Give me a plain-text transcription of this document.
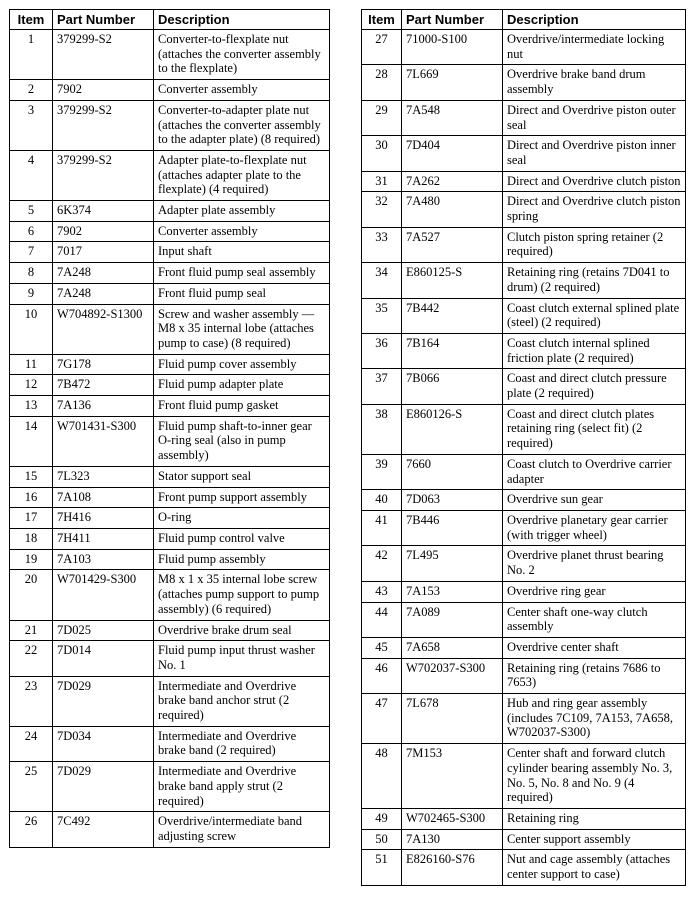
Item	Part Number	Description
1	379299-S2	Converter-to-flexplate nut (attaches the converter assembly to the flexplate)
2	7902	Converter assembly
3	379299-S2	Converter-to-adapter plate nut (attaches the converter assembly to the adapter plate) (8 required)
4	379299-S2	Adapter plate-to-flexplate nut (attaches adapter plate to the flexplate) (4 required)
5	6K374	Adapter plate assembly
6	7902	Converter assembly
7	7017	Input shaft
8	7A248	Front fluid pump seal assembly
9	7A248	Front fluid pump seal
10	W704892-S1300	Screw and washer assembly — M8 x 35 internal lobe (attaches pump to case) (8 required)
11	7G178	Fluid pump cover assembly
12	7B472	Fluid pump adapter plate
13	7A136	Front fluid pump gasket
14	W701431-S300	Fluid pump shaft-to-inner gear O-ring seal (also in pump assembly)
15	7L323	Stator support seal
16	7A108	Front pump support assembly
17	7H416	O-ring
18	7H411	Fluid pump control valve
19	7A103	Fluid pump assembly
20	W701429-S300	M8 x 1 x 35 internal lobe screw (attaches pump support to pump assembly) (6 required)
21	7D025	Overdrive brake drum seal
22	7D014	Fluid pump input thrust washer No. 1
23	7D029	Intermediate and Overdrive brake band anchor strut (2 required)
24	7D034	Intermediate and Overdrive brake band (2 required)
25	7D029	Intermediate and Overdrive brake band apply strut (2 required)
26	7C492	Overdrive/intermediate band adjusting screw
Item	Part Number	Description
27	71000-S100	Overdrive/intermediate locking nut
28	7L669	Overdrive brake band drum assembly
29	7A548	Direct and Overdrive piston outer seal
30	7D404	Direct and Overdrive piston inner seal
31	7A262	Direct and Overdrive clutch piston
32	7A480	Direct and Overdrive clutch piston spring
33	7A527	Clutch piston spring retainer (2 required)
34	E860125-S	Retaining ring (retains 7D041 to drum) (2 required)
35	7B442	Coast clutch external splined plate (steel) (2 required)
36	7B164	Coast clutch internal splined friction plate (2 required)
37	7B066	Coast and direct clutch pressure plate (2 required)
38	E860126-S	Coast and direct clutch plates retaining ring (select fit) (2 required)
39	7660	Coast clutch to Overdrive carrier adapter
40	7D063	Overdrive sun gear
41	7B446	Overdrive planetary gear carrier (with trigger wheel)
42	7L495	Overdrive planet thrust bearing No. 2
43	7A153	Overdrive ring gear
44	7A089	Center shaft one-way clutch assembly
45	7A658	Overdrive center shaft
46	W702037-S300	Retaining ring (retains 7686 to 7653)
47	7L678	Hub and ring gear assembly (includes 7C109, 7A153, 7A658, W702037-S300)
48	7M153	Center shaft and forward clutch cylinder bearing assembly No. 3, No. 5, No. 8 and No. 9 (4 required)
49	W702465-S300	Retaining ring
50	7A130	Center support assembly
51	E826160-S76	Nut and cage assembly (attaches center support to case)
